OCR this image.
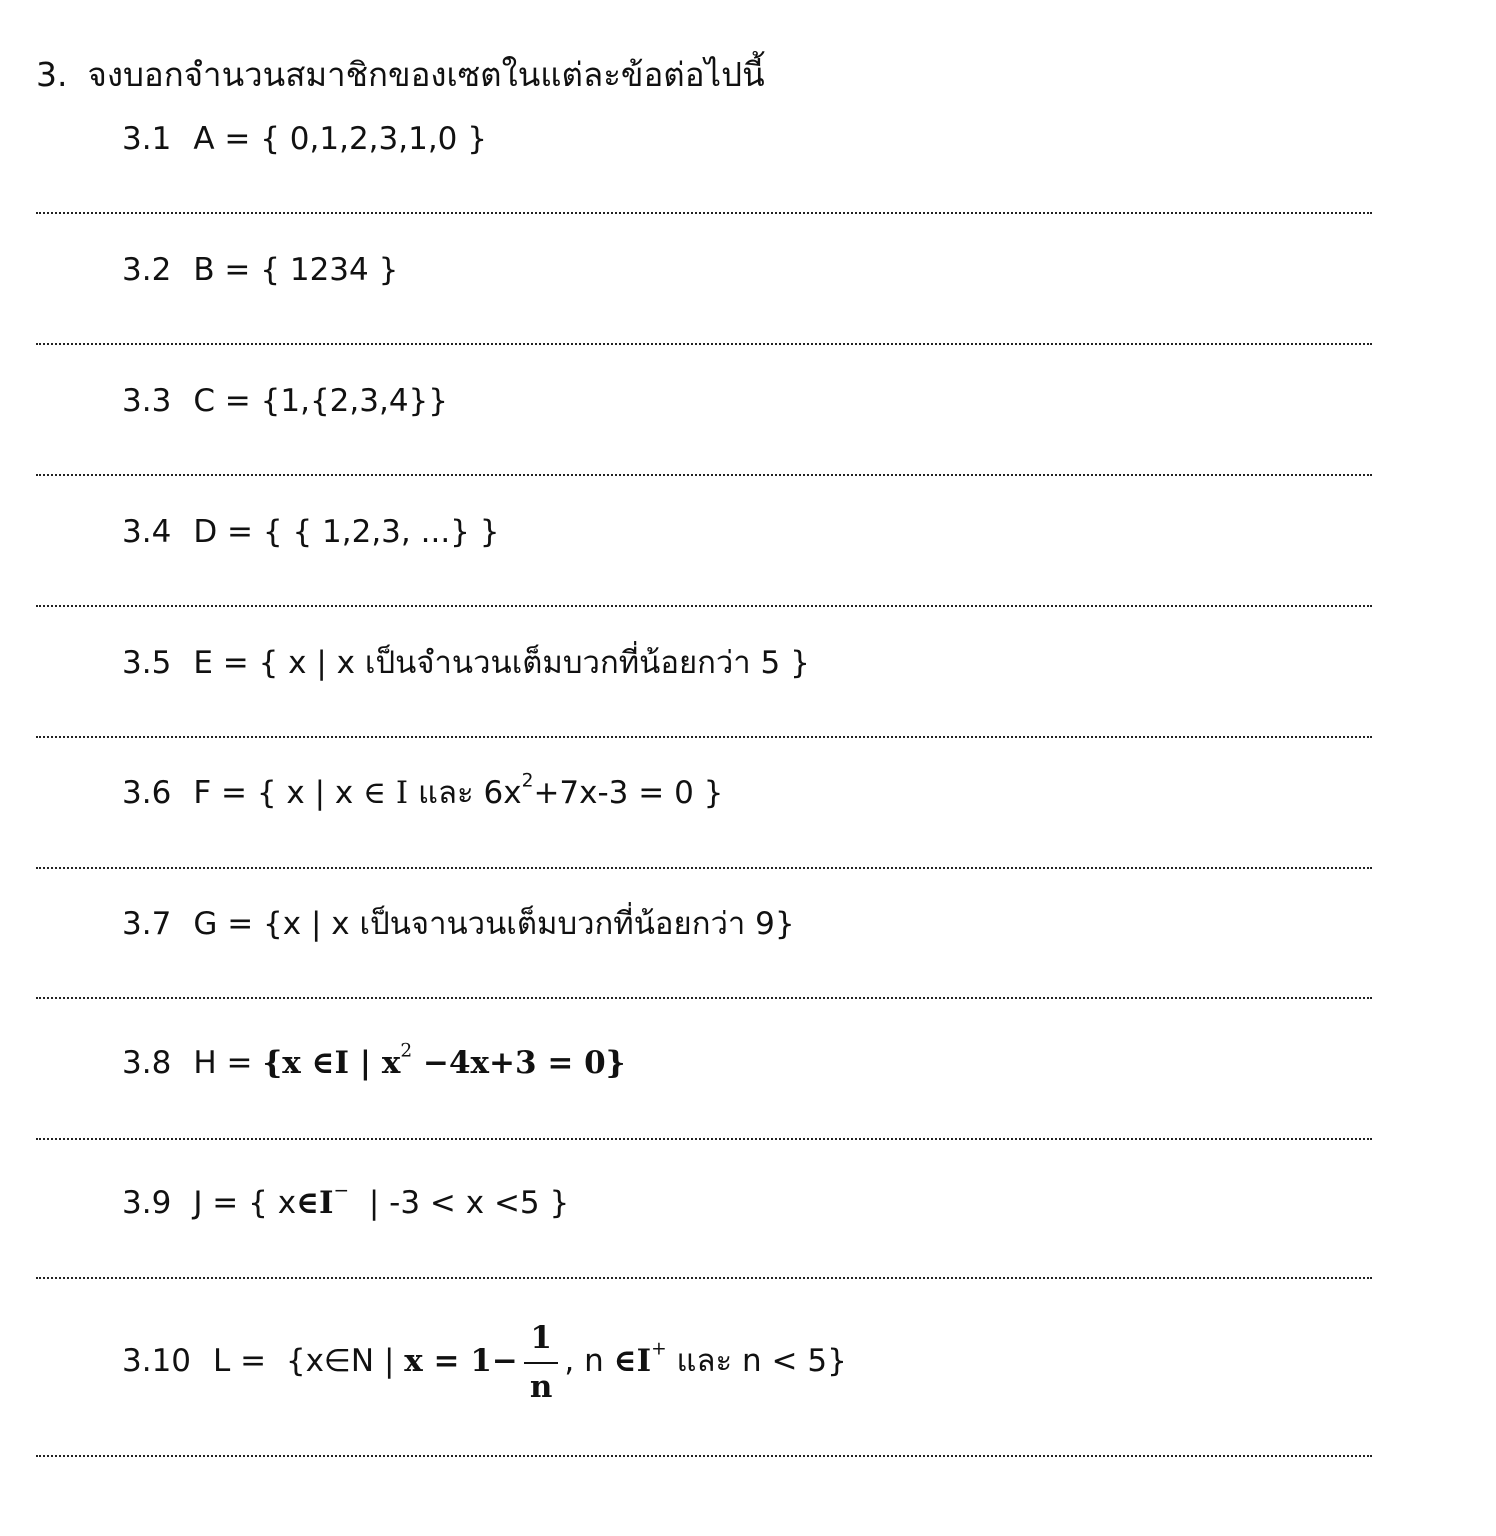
3. จงบอกจำนวนสมาชิกของเซตในแต่ละข้อต่อไปนี้
3.1 A = { 0,1,2,3,1,0 }
3.2 B = { 1234 }
3.3 C = {1,{2,3,4}}
3.4 D = { { 1,2,3, ...} }
3.5 E = { x | x เป็นจำนวนเต็มบวกที่น้อยกว่า 5 }
3.6 F = { x | x ∈ I และ $6x^2+7x-3 = 0$ }
3.7 G = {x | x เป็นจานวนเต็มบวกที่น้อยกว่า 9}
3.8 H = {x ∈I | $x^2 -4x+3 = 0$}
3.9 J = { x∈I−  | -3 < x <5 }
3.10 L =  {x∈N | $x = 1- \frac{1}{n}$ , n ∈I+ และ n < 5}
